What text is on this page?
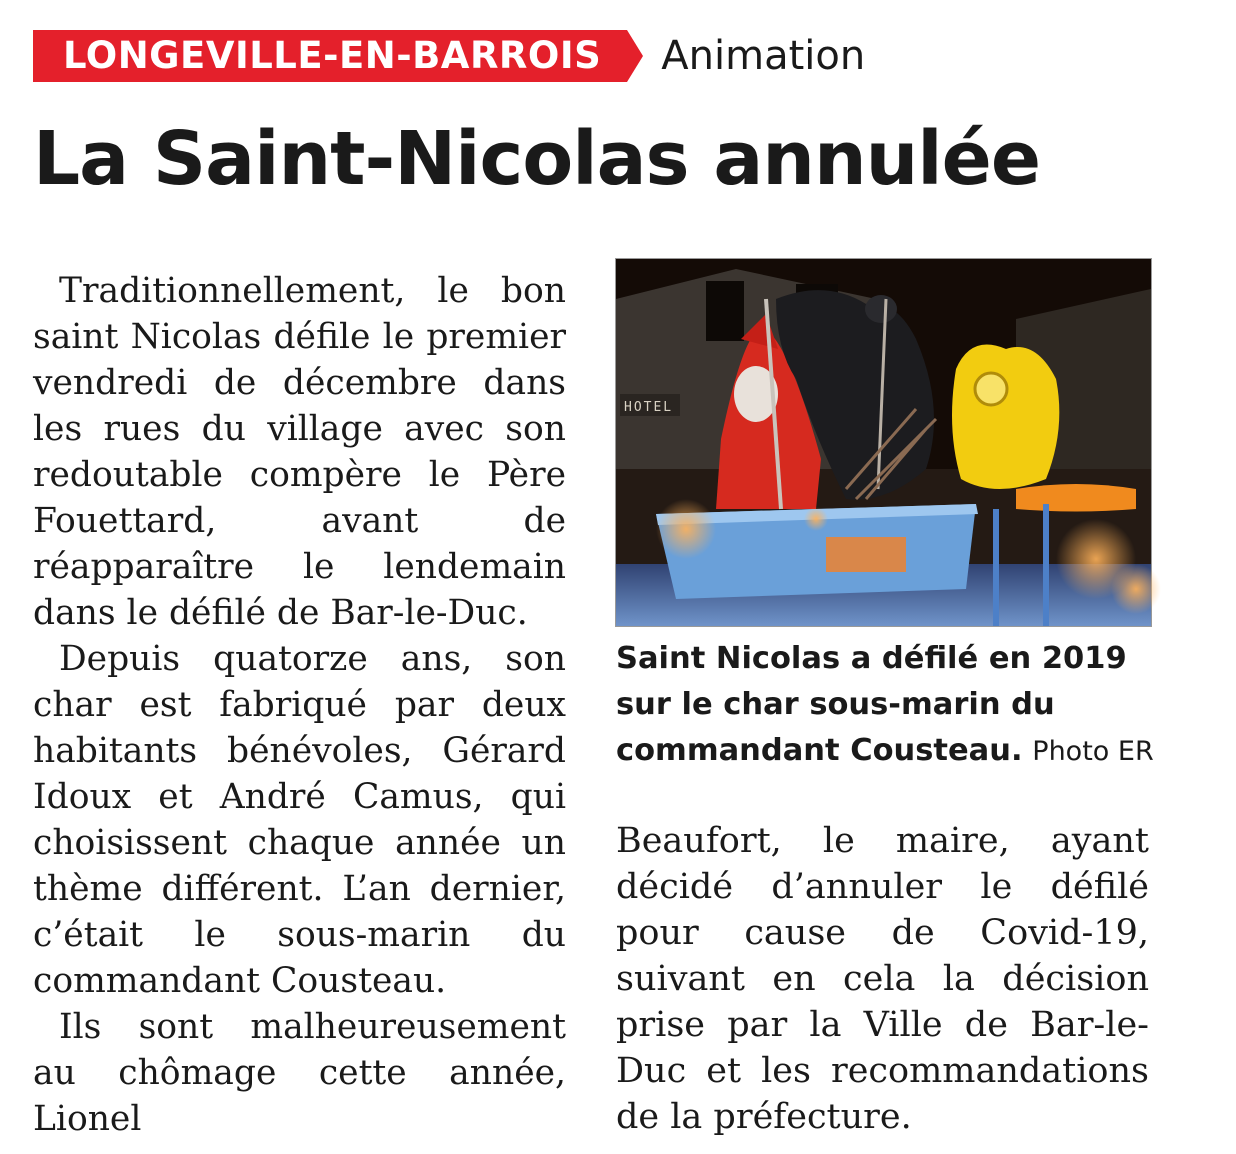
LONGEVILLE-EN-BARROIS	Animation
La Saint-Nicolas annulée

Traditionnellement, le bon saint Nicolas défile le premier vendredi de décembre dans les rues du village avec son redoutable compère le Père Fouettard, avant de réapparaître le lendemain dans le défilé de Bar-le-Duc.

Depuis quatorze ans, son char est fabriqué par deux habitants bénévoles, Gérard Idoux et André Camus, qui choisissent chaque année un thème différent. L’an dernier, c’était le sous-marin du commandant Cousteau.

Ils sont malheureusement au chômage cette année, Lionel

HOTEL
Saint Nicolas a défilé en 2019 sur le char sous-marin du commandant Cousteau. Photo ER

Beaufort, le maire, ayant décidé d’annuler le défilé pour cause de Covid-19, suivant en cela la décision prise par la Ville de Bar-le-Duc et les recommandations de la préfecture.
